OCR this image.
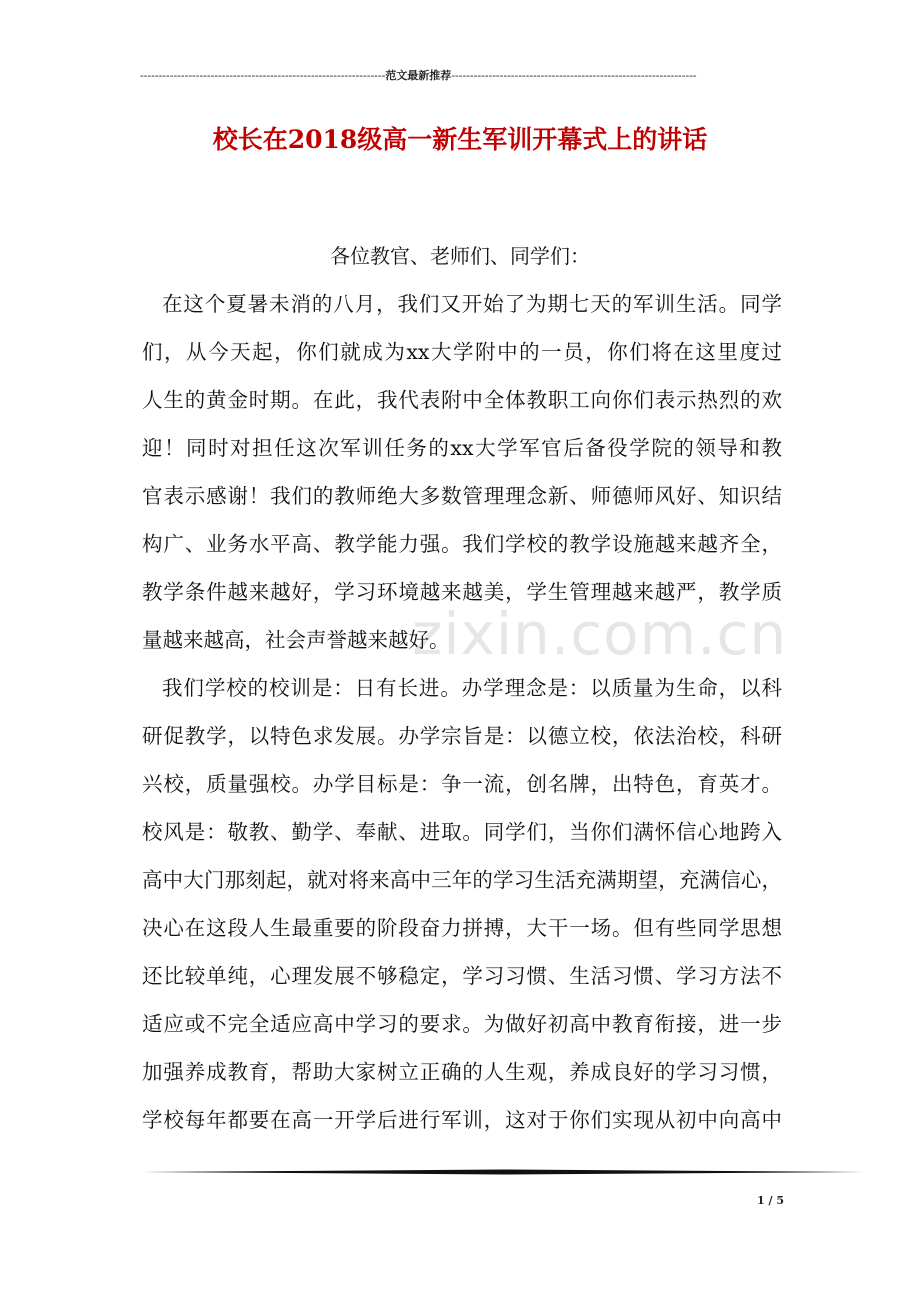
------------------------------------------------------------------范文最新推荐------------------------------------------------------------------
校长在2018级高一新生军训开幕式上的讲话
各位教官、老师们、同学们：
zixin.com.cn
在这个夏暑未消的八月，我们又开始了为期七天的军训生活。同学
们，从今天起，你们就成为xx大学附中的一员，你们将在这里度过
人生的黄金时期。在此，我代表附中全体教职工向你们表示热烈的欢
迎！同时对担任这次军训任务的xx大学军官后备役学院的领导和教
官表示感谢！我们的教师绝大多数管理理念新、师德师风好、知识结
构广、业务水平高、教学能力强。我们学校的教学设施越来越齐全，
教学条件越来越好，学习环境越来越美，学生管理越来越严，教学质
量越来越高，社会声誉越来越好。
我们学校的校训是：日有长进。办学理念是：以质量为生命，以科
研促教学，以特色求发展。办学宗旨是：以德立校，依法治校，科研
兴校，质量强校。办学目标是：争一流，创名牌，出特色，育英才。
校风是：敬教、勤学、奉献、进取。同学们，当你们满怀信心地跨入
高中大门那刻起，就对将来高中三年的学习生活充满期望，充满信心，
决心在这段人生最重要的阶段奋力拼搏，大干一场。但有些同学思想
还比较单纯，心理发展不够稳定，学习习惯、生活习惯、学习方法不
适应或不完全适应高中学习的要求。为做好初高中教育衔接，进一步
加强养成教育，帮助大家树立正确的人生观，养成良好的学习习惯，
学校每年都要在高一开学后进行军训，这对于你们实现从初中向高中
1 / 5
